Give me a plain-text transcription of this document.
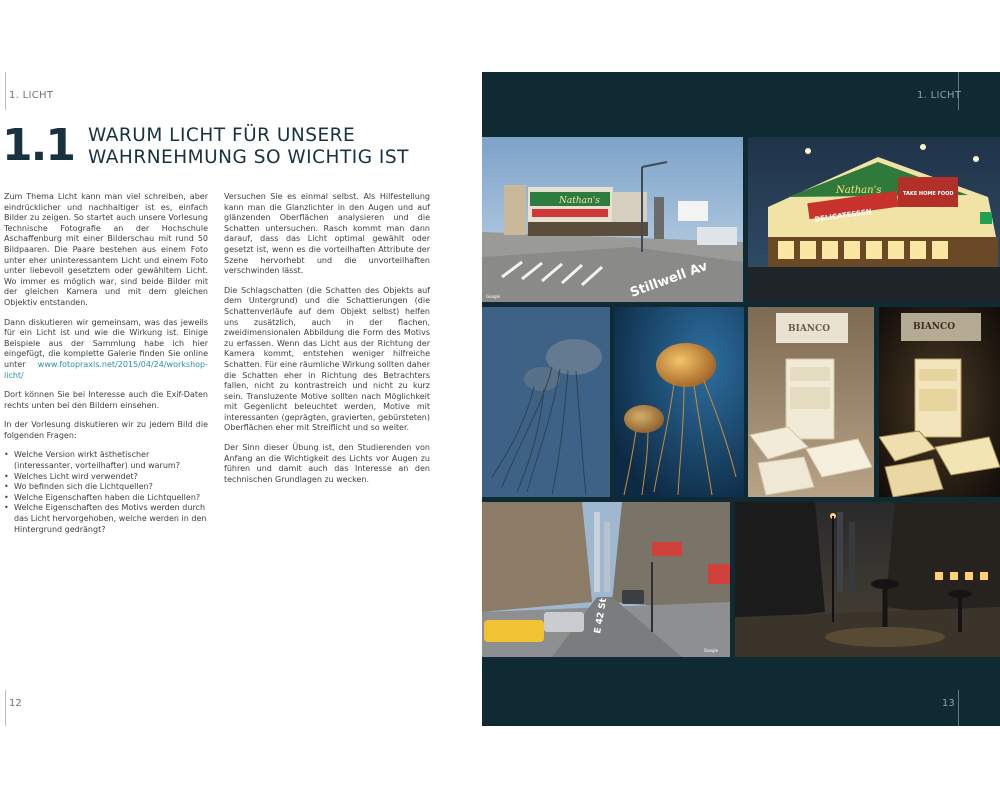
1. LICHT
1.1 WARUM LICHT FÜR UNSERE WAHRNEHMUNG SO WICHTIG IST

Zum Thema Licht kann man viel schreiben, aber eindrücklicher und nachhaltiger ist es, einfach Bilder zu zeigen. So startet auch unsere Vorlesung Technische Fotografie an der Hochschule Aschaffenburg mit einer Bilderschau mit rund 50 Bildpaaren. Die Paare bestehen aus einem Foto unter eher uninteressantem Licht und einem Foto unter liebevoll gesetztem oder gewähltem Licht. Wo immer es möglich war, sind beide Bilder mit der gleichen Kamera und mit dem gleichen Objektiv entstanden.

Dann diskutieren wir gemeinsam, was das jeweils für ein Licht ist und wie die Wirkung ist. Einige Beispiele aus der Sammlung habe ich hier eingefügt, die komplette Galerie finden Sie online unter www.fotopraxis.net/2015/04/24/workshop-licht/

Dort können Sie bei Interesse auch die Exif-Daten rechts unten bei den Bildern einsehen.

In der Vorlesung diskutieren wir zu jedem Bild die folgenden Fragen:

• Welche Version wirkt ästhetischer (interessanter, vorteilhafter) und warum?
• Welches Licht wird verwendet?
• Wo befinden sich die Lichtquellen?
• Welche Eigenschaften haben die Lichtquellen?
• Welche Eigenschaften des Motivs werden durch das Licht hervorgehoben, welche werden in den Hintergrund gedrängt?

Versuchen Sie es einmal selbst. Als Hilfestellung kann man die Glanzlichter in den Augen und auf glänzenden Oberflächen analysieren und die Schatten untersuchen. Rasch kommt man dann darauf, dass das Licht optimal gewählt oder gesetzt ist, wenn es die vorteilhaften Attribute der Szene hervorhebt und die unvorteilhaften verschwinden lässt.

Die Schlagschatten (die Schatten des Objekts auf dem Untergrund) und die Schattierungen (die Schattenverläufe auf dem Objekt selbst) helfen uns zusätzlich, auch in der flachen, zweidimensionalen Abbildung die Form des Motivs zu erfassen. Wenn das Licht aus der Richtung der Kamera kommt, entstehen weniger hilfreiche Schatten. Für eine räumliche Wirkung sollten daher die Schatten eher in Richtung des Betrachters fallen, nicht zu kontrastreich und nicht zu kurz sein. Transluzente Motive sollten nach Möglichkeit mit Gegenlicht beleuchtet werden, Motive mit interessanten (geprägten, gravierten, gebürsteten) Oberflächen eher mit Streiflicht und so weiter.

Der Sinn dieser Übung ist, den Studierenden von Anfang an die Wichtigkeit des Lichts vor Augen zu führen und damit auch das Interesse an den technischen Grundlagen zu wecken.

12
1. LICHT
13
Nathan's
Stillwell Av
Google
Nathan's
DELICATESSEN
TAKE HOME FOOD
BIANCO	BIANCO
E 42 St
Google
